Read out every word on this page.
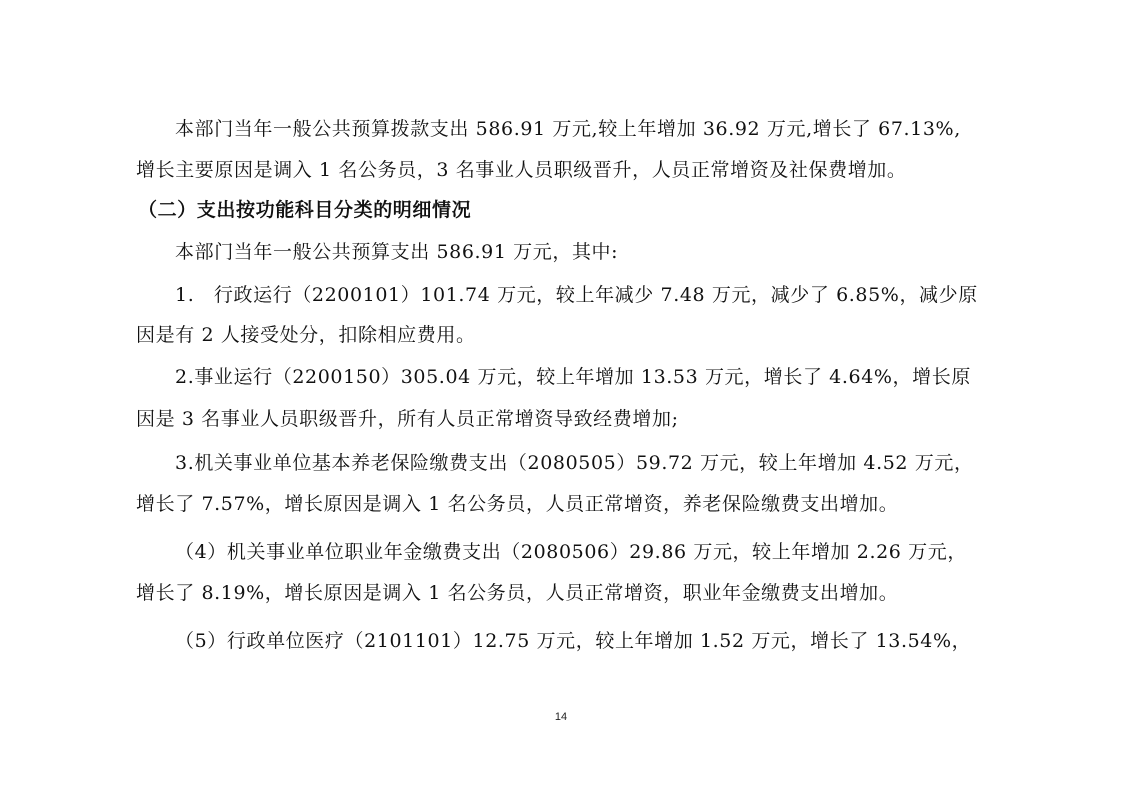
本部门当年一般公共预算拨款支出 586.91 万元,较上年增加 36.92 万元,增长了 67.13%,
增长主要原因是调入 1 名公务员，3 名事业人员职级晋升，人员正常增资及社保费增加。
（二）支出按功能科目分类的明细情况
本部门当年一般公共预算支出 586.91 万元，其中:
1.　行政运行（2200101）101.74 万元，较上年减少 7.48 万元，减少了 6.85%，减少原
因是有 2 人接受处分，扣除相应费用。
2.事业运行（2200150）305.04 万元，较上年增加 13.53 万元，增长了 4.64%，增长原
因是 3 名事业人员职级晋升，所有人员正常增资导致经费增加;
3.机关事业单位基本养老保险缴费支出（2080505）59.72 万元，较上年增加 4.52 万元，
增长了 7.57%，增长原因是调入 1 名公务员，人员正常增资，养老保险缴费支出增加。
（4）机关事业单位职业年金缴费支出（2080506）29.86 万元，较上年增加 2.26 万元，
增长了 8.19%，增长原因是调入 1 名公务员，人员正常增资，职业年金缴费支出增加。
（5）行政单位医疗（2101101）12.75 万元，较上年增加 1.52 万元，增长了 13.54%，
14
